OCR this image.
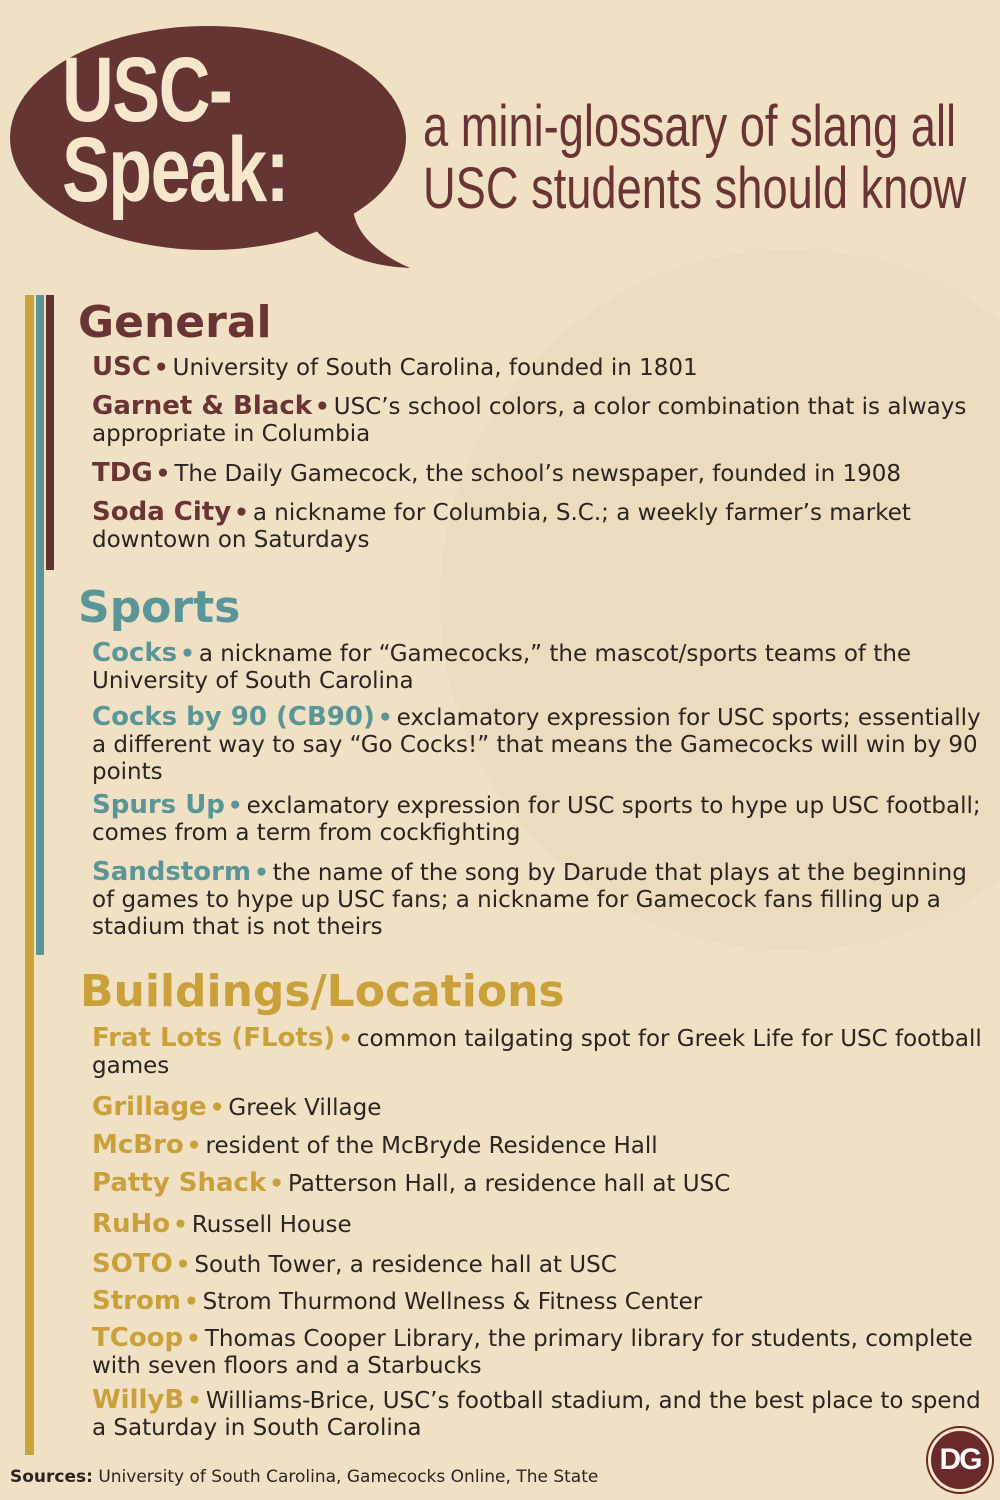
USC-
Speak:	a mini-glossary of slang all
USC students should know
General
USC • University of South Carolina, founded in 1801
Garnet & Black • USC’s school colors, a color combination that is always appropriate in Columbia
TDG • The Daily Gamecock, the school’s newspaper, founded in 1908
Soda City • a nickname for Columbia, S.C.; a weekly farmer’s market downtown on Saturdays
Sports
Cocks • a nickname for “Gamecocks,” the mascot/sports teams of the University of South Carolina
Cocks by 90 (CB90) • exclamatory expression for USC sports; essentially a different way to say “Go Cocks!” that means the Gamecocks will win by 90 points
Spurs Up • exclamatory expression for USC sports to hype up USC football; comes from a term from cockfighting
Sandstorm • the name of the song by Darude that plays at the beginning of games to hype up USC fans; a nickname for Gamecock fans filling up a stadium that is not theirs
Buildings/Locations
Frat Lots (FLots) • common tailgating spot for Greek Life for USC football games
Grillage • Greek Village
McBro • resident of the McBryde Residence Hall
Patty Shack • Patterson Hall, a residence hall at USC
RuHo • Russell House
SOTO • South Tower, a residence hall at USC
Strom • Strom Thurmond Wellness & Fitness Center
TCoop • Thomas Cooper Library, the primary library for students, complete with seven floors and a Starbucks
WillyB • Williams-Brice, USC’s football stadium, and the best place to spend a Saturday in South Carolina
Sources: University of South Carolina, Gamecocks Online, The State
DG
